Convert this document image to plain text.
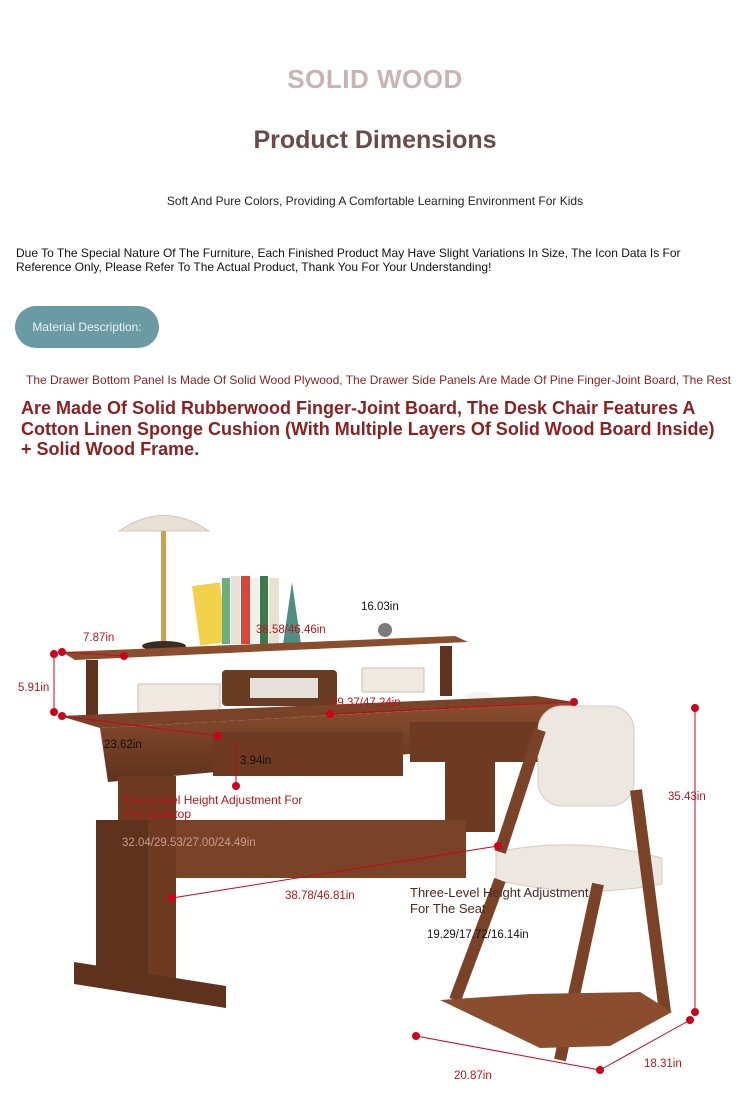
SOLID WOOD
Product Dimensions
Soft And Pure Colors, Providing A Comfortable Learning Environment For Kids
Due To The Special Nature Of The Furniture, Each Finished Product May Have Slight Variations In Size, The Icon Data Is For Reference Only, Please Refer To The Actual Product, Thank You For Your Understanding!
Material Description:
The Drawer Bottom Panel Is Made Of Solid Wood Plywood, The Drawer Side Panels Are Made Of Pine Finger-Joint Board, The Rest
Are Made Of Solid Rubberwood Finger-Joint Board, The Desk Chair Features A Cotton Linen Sponge Cushion (With Multiple Layers Of Solid Wood Board Inside) + Solid Wood Frame.
7.87in
38.58/46.46in
16.03in
5.91in
39.37/47.24in
23.62in
3.94in
Four-Level Height Adjustment For The Desktop
32.04/29.53/27.00/24.49in
38.78/46.81in
35.43in
Three-Level Height Adjustment For The Seat
19.29/17.72/16.14in
20.87in
18.31in
